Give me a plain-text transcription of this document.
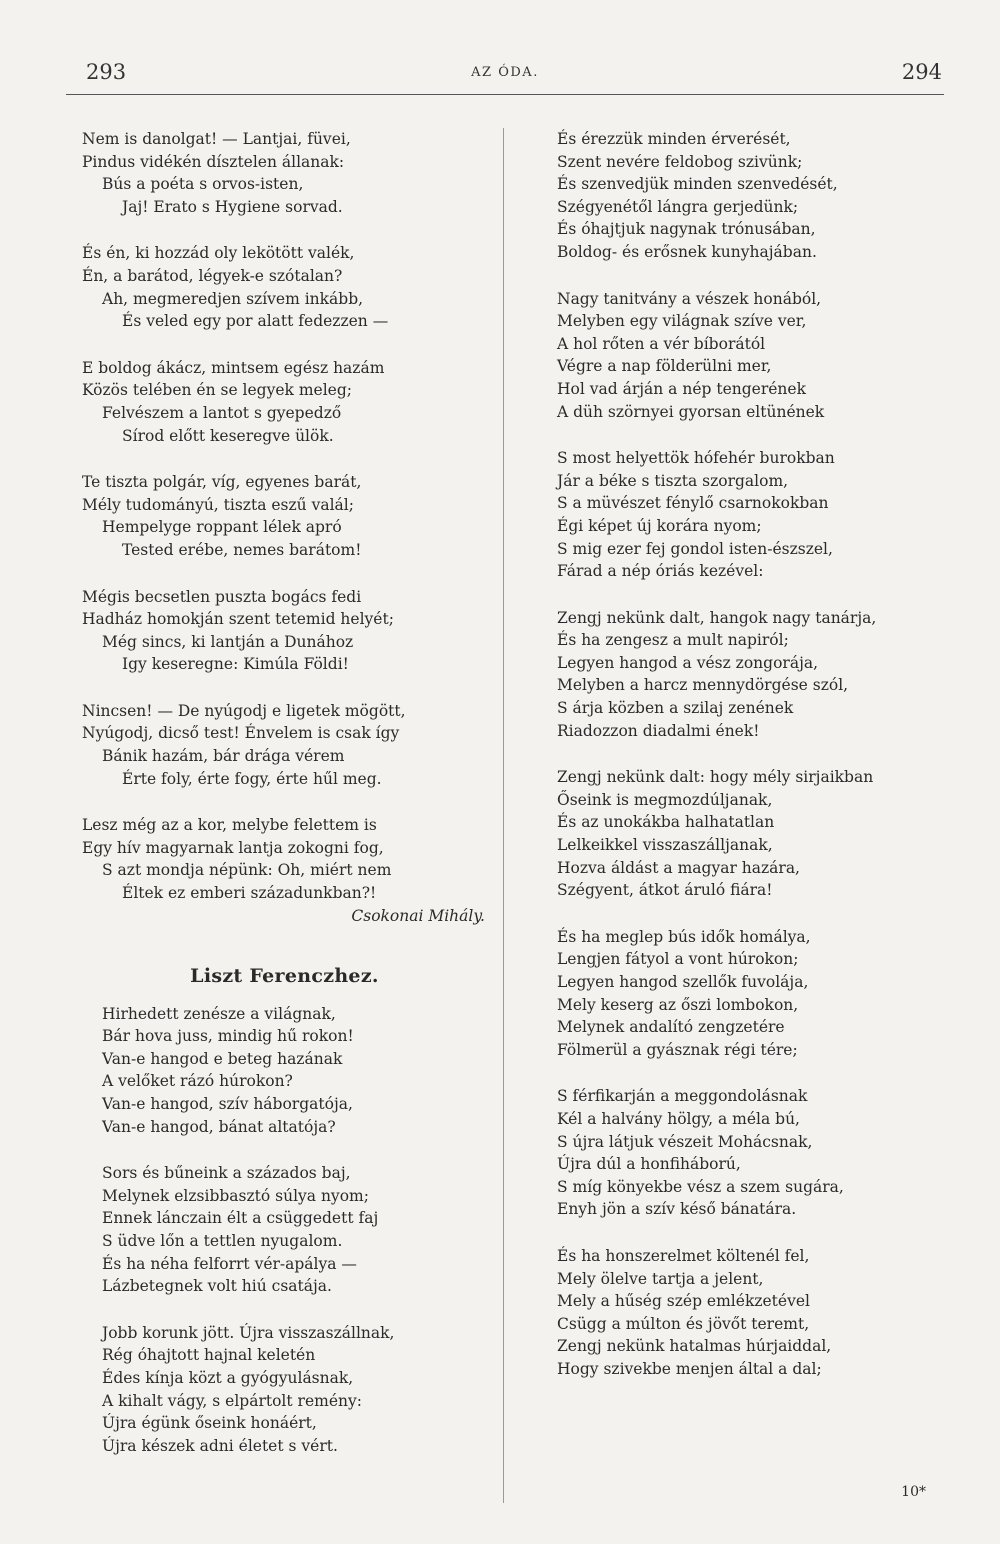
293	AZ ÓDA.	294
Nem is danolgat! — Lantjai, füvei,
Pindus vidékén dísztelen állanak:
Bús a poéta s orvos-isten,
Jaj! Erato s Hygiene sorvad.
És én, ki hozzád oly lekötött valék,
Én, a barátod, légyek-e szótalan?
Ah, megmeredjen szívem inkább,
És veled egy por alatt fedezzen —
E boldog ákácz, mintsem egész hazám
Közös telében én se legyek meleg;
Felvészem a lantot s gyepedző
Sírod előtt keseregve ülök.
Te tiszta polgár, víg, egyenes barát,
Mély tudományú, tiszta eszű valál;
Hempelyge roppant lélek apró
Tested erébe, nemes barátom!
Mégis becsetlen puszta bogács fedi
Hadház homokján szent tetemid helyét;
Még sincs, ki lantján a Dunához
Igy keseregne: Kimúla Földi!
Nincsen! — De nyúgodj e ligetek mögött,
Nyúgodj, dicső test! Énvelem is csak így
Bánik hazám, bár drága vérem
Érte foly, érte fogy, érte hűl meg.
Lesz még az a kor, melybe felettem is
Egy hív magyarnak lantja zokogni fog,
S azt mondja népünk: Oh, miért nem
Éltek ez emberi századunkban?!
Csokonai Mihály.
Liszt Ferenczhez.
Hirhedett zenésze a világnak,
Bár hova juss, mindig hű rokon!
Van-e hangod e beteg hazának
A velőket rázó húrokon?
Van-e hangod, szív háborgatója,
Van-e hangod, bánat altatója?
Sors és bűneink a százados baj,
Melynek elzsibbasztó súlya nyom;
Ennek lánczain élt a csüggedett faj
S üdve lőn a tettlen nyugalom.
És ha néha felforrt vér-apálya —
Lázbetegnek volt hiú csatája.
Jobb korunk jött. Újra visszaszállnak,
Rég óhajtott hajnal keletén
Édes kínja közt a gyógyulásnak,
A kihalt vágy, s elpártolt remény:
Újra égünk őseink honáért,
Újra készek adni életet s vért.
És érezzük minden érverését,
Szent nevére feldobog szivünk;
És szenvedjük minden szenvedését,
Szégyenétől lángra gerjedünk;
És óhajtjuk nagynak trónusában,
Boldog- és erősnek kunyhajában.
Nagy tanitvány a vészek honából,
Melyben egy világnak szíve ver,
A hol rőten a vér bíborától
Végre a nap földerülni mer,
Hol vad árján a nép tengerének
A düh szörnyei gyorsan eltünének
S most helyettök hófehér burokban
Jár a béke s tiszta szorgalom,
S a müvészet fénylő csarnokokban
Égi képet új korára nyom;
S mig ezer fej gondol isten-észszel,
Fárad a nép óriás kezével:
Zengj nekünk dalt, hangok nagy tanárja,
És ha zengesz a mult napiról;
Legyen hangod a vész zongorája,
Melyben a harcz mennydörgése szól,
S árja közben a szilaj zenének
Riadozzon diadalmi ének!
Zengj nekünk dalt: hogy mély sirjaikban
Őseink is megmozdúljanak,
És az unokákba halhatatlan
Lelkeikkel visszaszálljanak,
Hozva áldást a magyar hazára,
Szégyent, átkot áruló fiára!
És ha meglep bús idők homálya,
Lengjen fátyol a vont húrokon;
Legyen hangod szellők fuvolája,
Mely keserg az őszi lombokon,
Melynek andalító zengzetére
Fölmerül a gyásznak régi tére;
S férfikarján a meggondolásnak
Kél a halvány hölgy, a méla bú,
S újra látjuk vészeit Mohácsnak,
Újra dúl a honfiháború,
S míg könyekbe vész a szem sugára,
Enyh jön a szív késő bánatára.
És ha honszerelmet költenél fel,
Mely ölelve tartja a jelent,
Mely a hűség szép emlékzetével
Csügg a múlton és jövőt teremt,
Zengj nekünk hatalmas húrjaiddal,
Hogy szivekbe menjen által a dal;
10*
